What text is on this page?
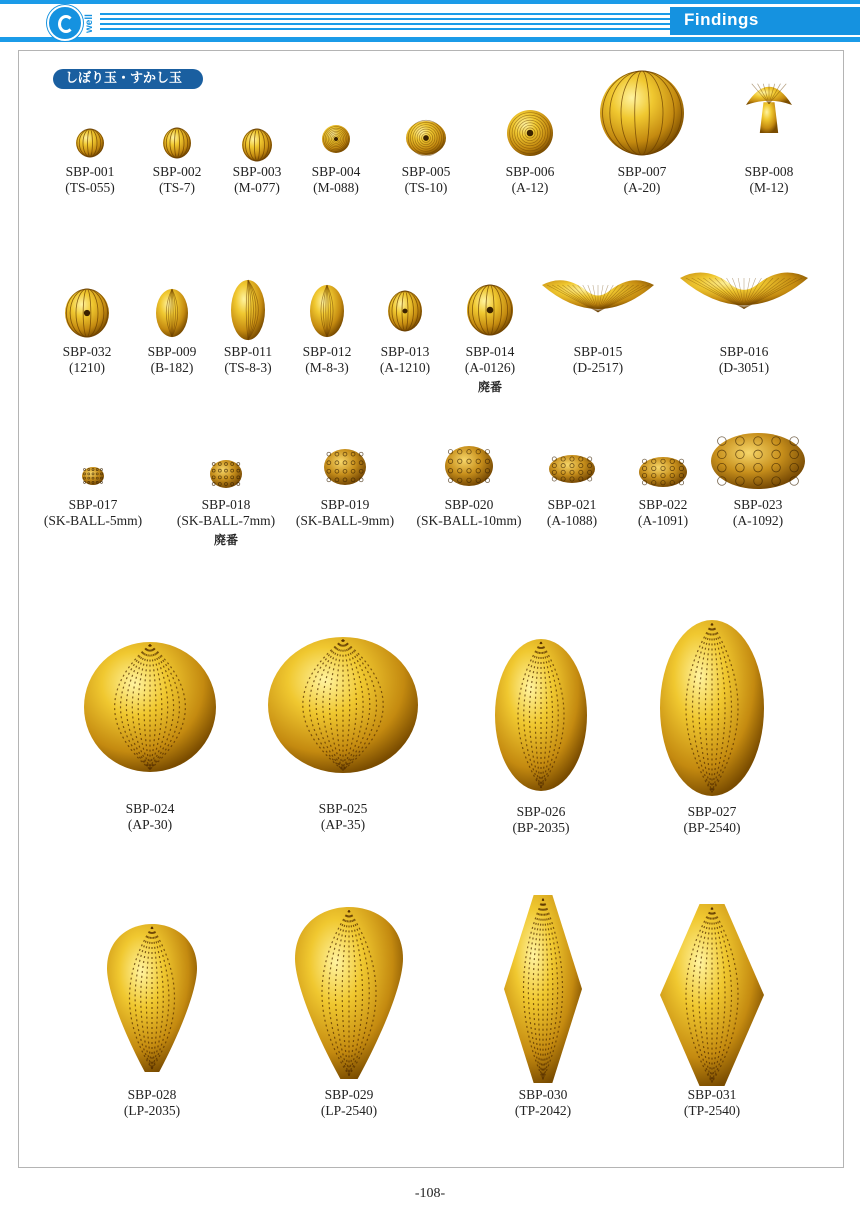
well	Findings
しぼり玉・すかし玉
SBP-001
(TS-055)
SBP-002
(TS-7)
SBP-003
(M-077)
SBP-004
(M-088)
SBP-005
(TS-10)
SBP-006
(A-12)
SBP-007
(A-20)
SBP-008
(M-12)
SBP-032
(1210)
SBP-009
(B-182)
SBP-011
(TS-8-3)
SBP-012
(M-8-3)
SBP-013
(A-1210)
SBP-014
(A-0126)
廃番
SBP-015
(D-2517)
SBP-016
(D-3051)
SBP-017
(SK-BALL-5mm)
SBP-018
(SK-BALL-7mm)
廃番
SBP-019
(SK-BALL-9mm)
SBP-020
(SK-BALL-10mm)
SBP-021
(A-1088)
SBP-022
(A-1091)
SBP-023
(A-1092)
SBP-024
(AP-30)
SBP-025
(AP-35)
SBP-026
(BP-2035)
SBP-027
(BP-2540)
SBP-028
(LP-2035)
SBP-029
(LP-2540)
SBP-030
(TP-2042)
SBP-031
(TP-2540)
-108-
